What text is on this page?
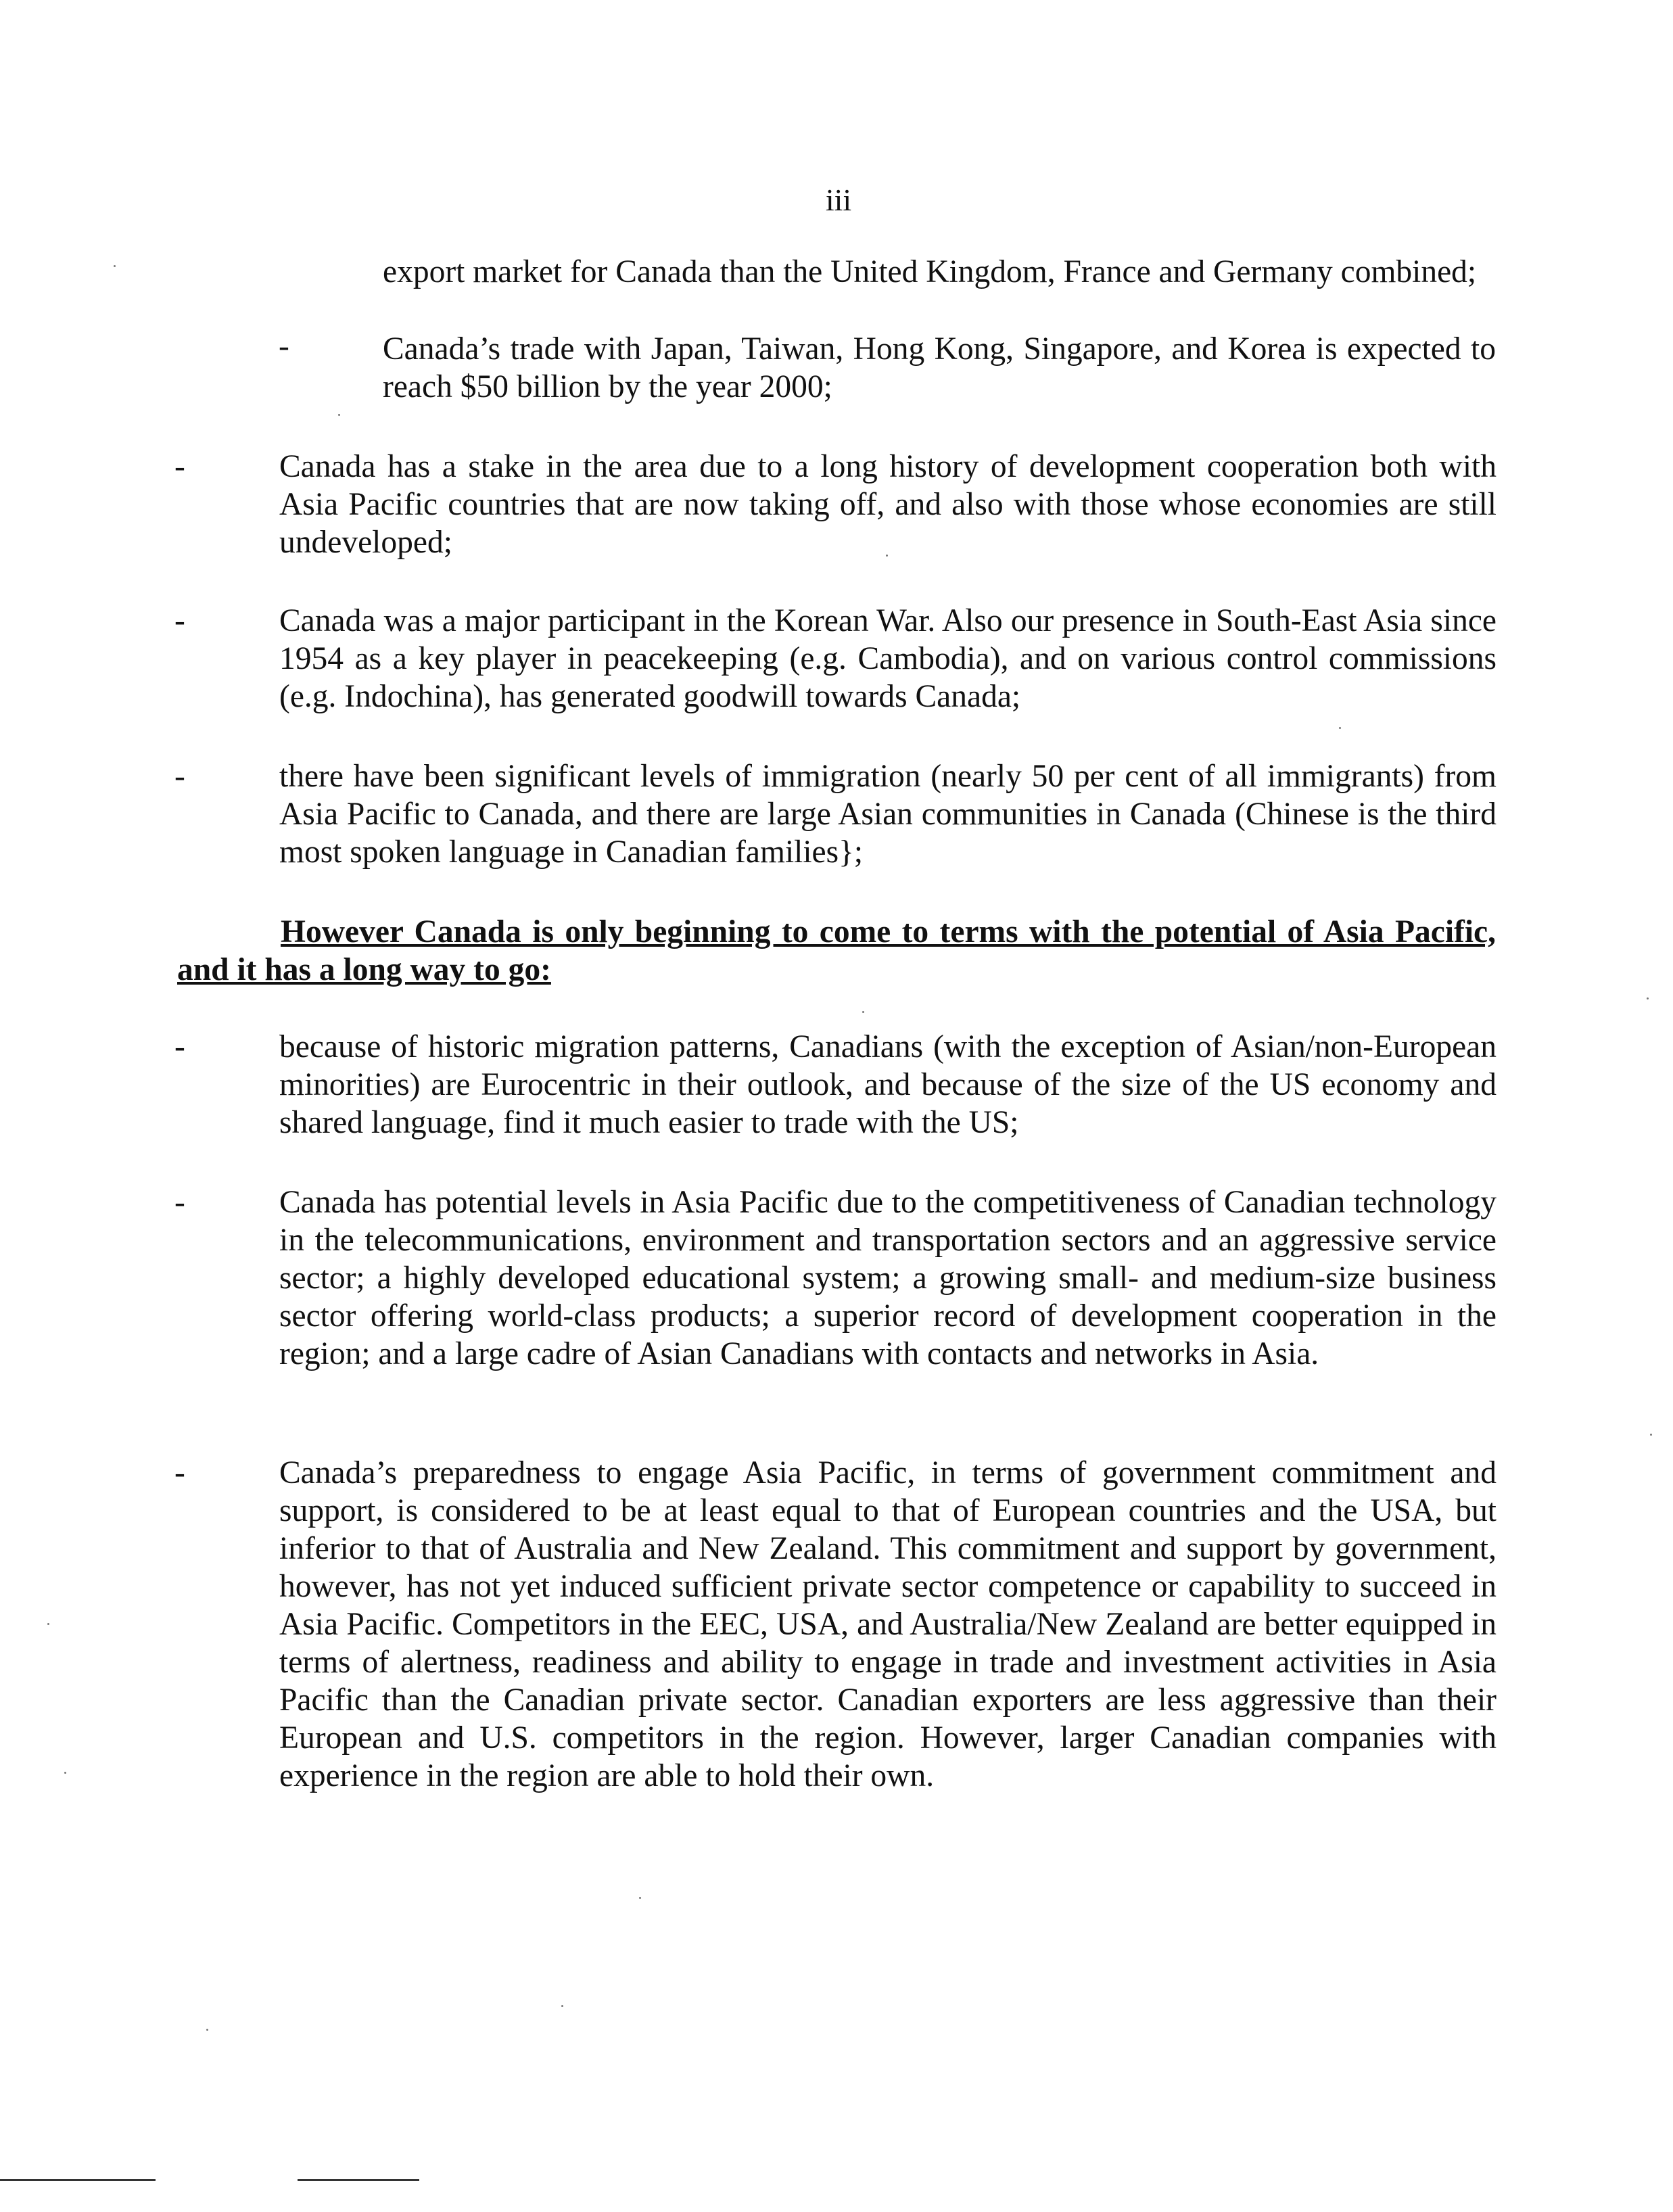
iii

export market for Canada than the United Kingdom, France and Germany combined;

-	Canada’s trade with Japan, Taiwan, Hong Kong, Singapore, and Korea is expected to reach $50 billion by the year 2000;

-	Canada has a stake in the area due to a long history of development cooperation both with Asia Pacific countries that are now taking off, and also with those whose economies are still undeveloped;

-	Canada was a major participant in the Korean War. Also our presence in South-East Asia since 1954 as a key player in peacekeeping (e.g. Cambodia), and on various control commissions (e.g. Indochina), has generated goodwill towards Canada;

-	there have been significant levels of immigration (nearly 50 per cent of all immigrants) from Asia Pacific to Canada, and there are large Asian communities in Canada (Chinese is the third most spoken language in Canadian families};

However Canada is only beginning to come to terms with the potential of Asia Pacific, and it has a long way to go:

-	because of historic migration patterns, Canadians (with the exception of Asian/non-European minorities) are Eurocentric in their outlook, and because of the size of the US economy and shared language, find it much easier to trade with the US;

-	Canada has potential levels in Asia Pacific due to the competitiveness of Canadian technology in the telecommunications, environment and transportation sectors and an aggressive service sector; a highly developed educational system; a growing small- and medium-size business sector offering world-class products; a superior record of development cooperation in the region; and a large cadre of Asian Canadians with contacts and networks in Asia.

-	Canada’s preparedness to engage Asia Pacific, in terms of government commitment and support, is considered to be at least equal to that of European countries and the USA, but inferior to that of Australia and New Zealand. This commitment and support by government, however, has not yet induced sufficient private sector competence or capability to succeed in Asia Pacific. Competitors in the EEC, USA, and Australia/New Zealand are better equipped in terms of alertness, readiness and ability to engage in trade and investment activities in Asia Pacific than the Canadian private sector. Canadian exporters are less aggressive than their European and U.S. competitors in the region. However, larger Canadian companies with experience in the region are able to hold their own.
